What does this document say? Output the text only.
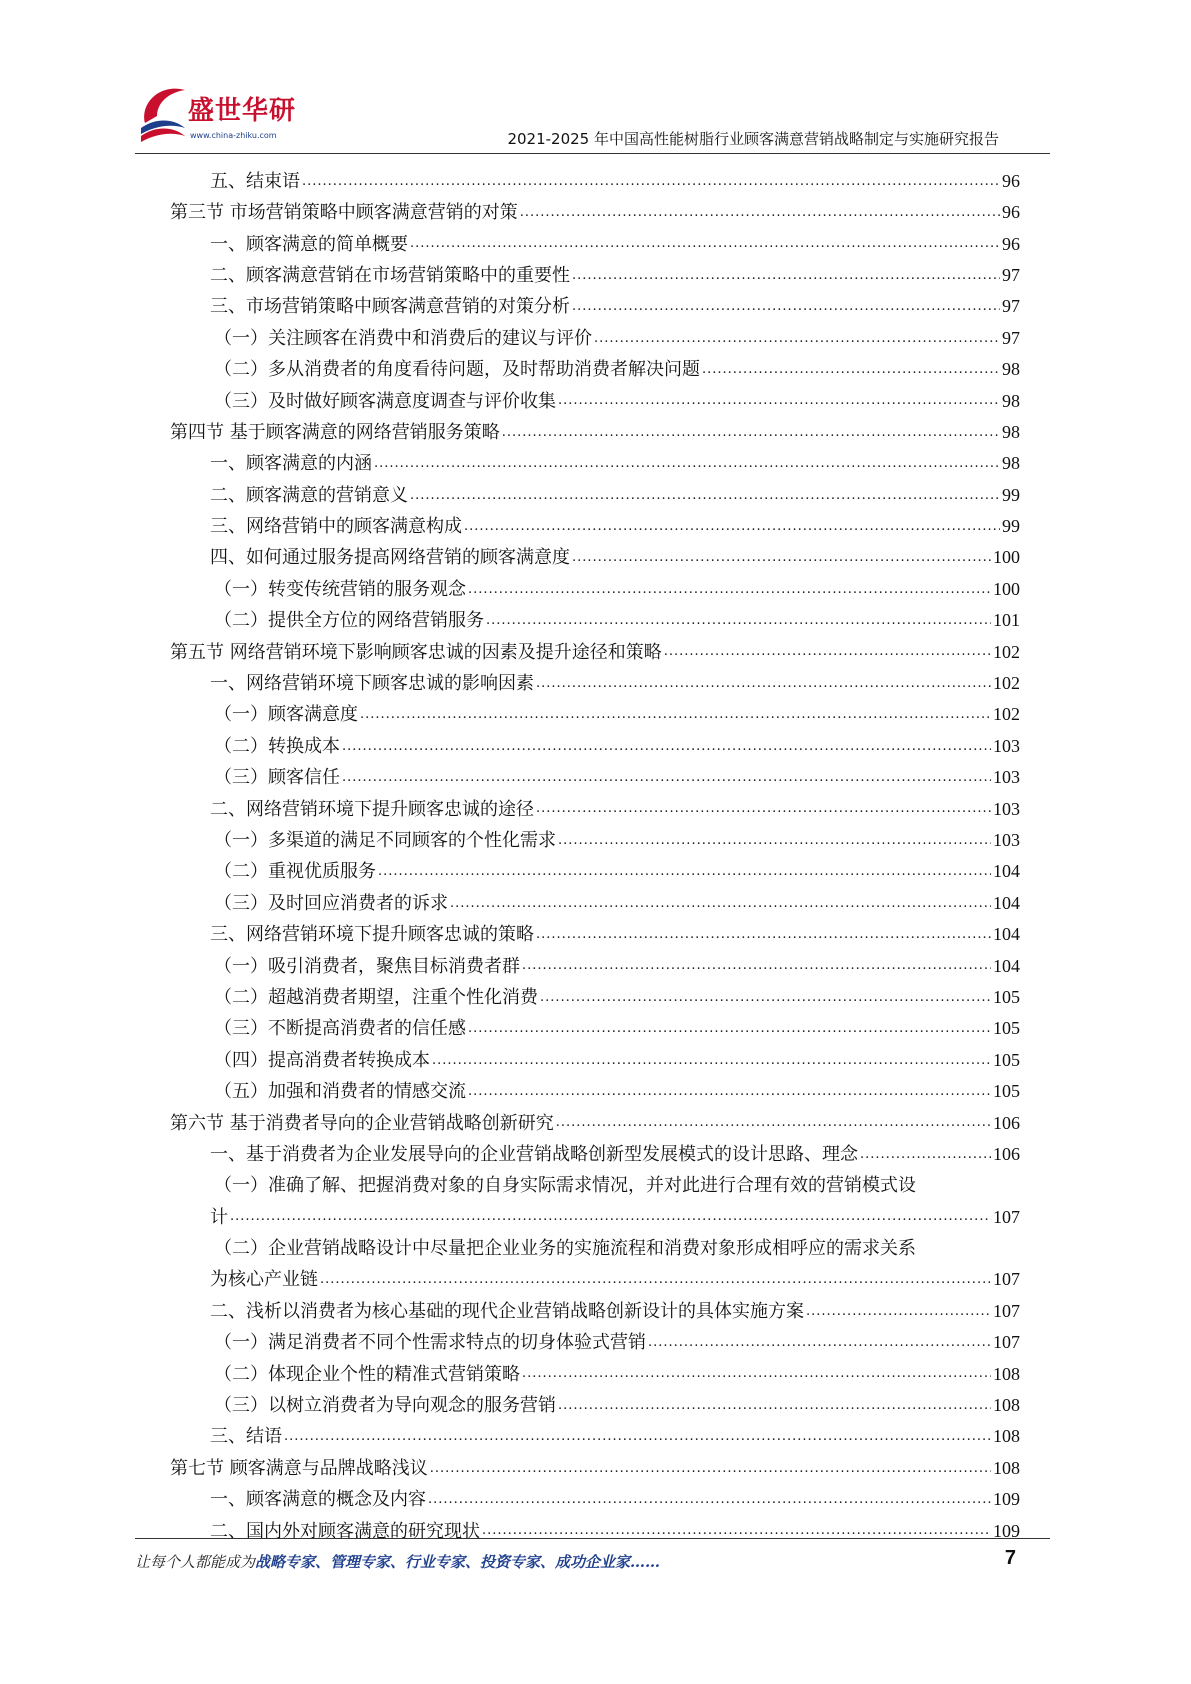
盛世华研
www.china-zhiku.com	2021-2025 年中国高性能树脂行业顾客满意营销战略制定与实施研究报告
五、结束语 .....	96
第三节 市场营销策略中顾客满意营销的对策 .....	96
一、顾客满意的简单概要 .....	96
二、顾客满意营销在市场营销策略中的重要性 .....	97
三、市场营销策略中顾客满意营销的对策分析 .....	97
（一）关注顾客在消费中和消费后的建议与评价 .....	97
（二）多从消费者的角度看待问题，及时帮助消费者解决问题 .....	98
（三）及时做好顾客满意度调查与评价收集 .....	98
第四节 基于顾客满意的网络营销服务策略 .....	98
一、顾客满意的内涵 .....	98
二、顾客满意的营销意义 .....	99
三、网络营销中的顾客满意构成 .....	99
四、如何通过服务提高网络营销的顾客满意度 .....	100
（一）转变传统营销的服务观念 .....	100
（二）提供全方位的网络营销服务 .....	101
第五节 网络营销环境下影响顾客忠诚的因素及提升途径和策略 .....	102
一、网络营销环境下顾客忠诚的影响因素 .....	102
（一）顾客满意度 .....	102
（二）转换成本 .....	103
（三）顾客信任 .....	103
二、网络营销环境下提升顾客忠诚的途径 .....	103
（一）多渠道的满足不同顾客的个性化需求 .....	103
（二）重视优质服务 .....	104
（三）及时回应消费者的诉求 .....	104
三、网络营销环境下提升顾客忠诚的策略 .....	104
（一）吸引消费者，聚焦目标消费者群 .....	104
（二）超越消费者期望，注重个性化消费 .....	105
（三）不断提高消费者的信任感 .....	105
（四）提高消费者转换成本 .....	105
（五）加强和消费者的情感交流 .....	105
第六节 基于消费者导向的企业营销战略创新研究 .....	106
一、基于消费者为企业发展导向的企业营销战略创新型发展模式的设计思路、理念 .....	106
（一）准确了解、把握消费对象的自身实际需求情况，并对此进行合理有效的营销模式设
计 .....	107
（二）企业营销战略设计中尽量把企业业务的实施流程和消费对象形成相呼应的需求关系
为核心产业链 .....	107
二、浅析以消费者为核心基础的现代企业营销战略创新设计的具体实施方案 .....	107
（一）满足消费者不同个性需求特点的切身体验式营销 .....	107
（二）体现企业个性的精准式营销策略 .....	108
（三）以树立消费者为导向观念的服务营销 .....	108
三、结语 .....	108
第七节 顾客满意与品牌战略浅议 .....	108
一、顾客满意的概念及内容 .....	109
二、国内外对顾客满意的研究现状 .....	109
让每个人都能成为战略专家、管理专家、行业专家、投资专家、成功企业家……	7
